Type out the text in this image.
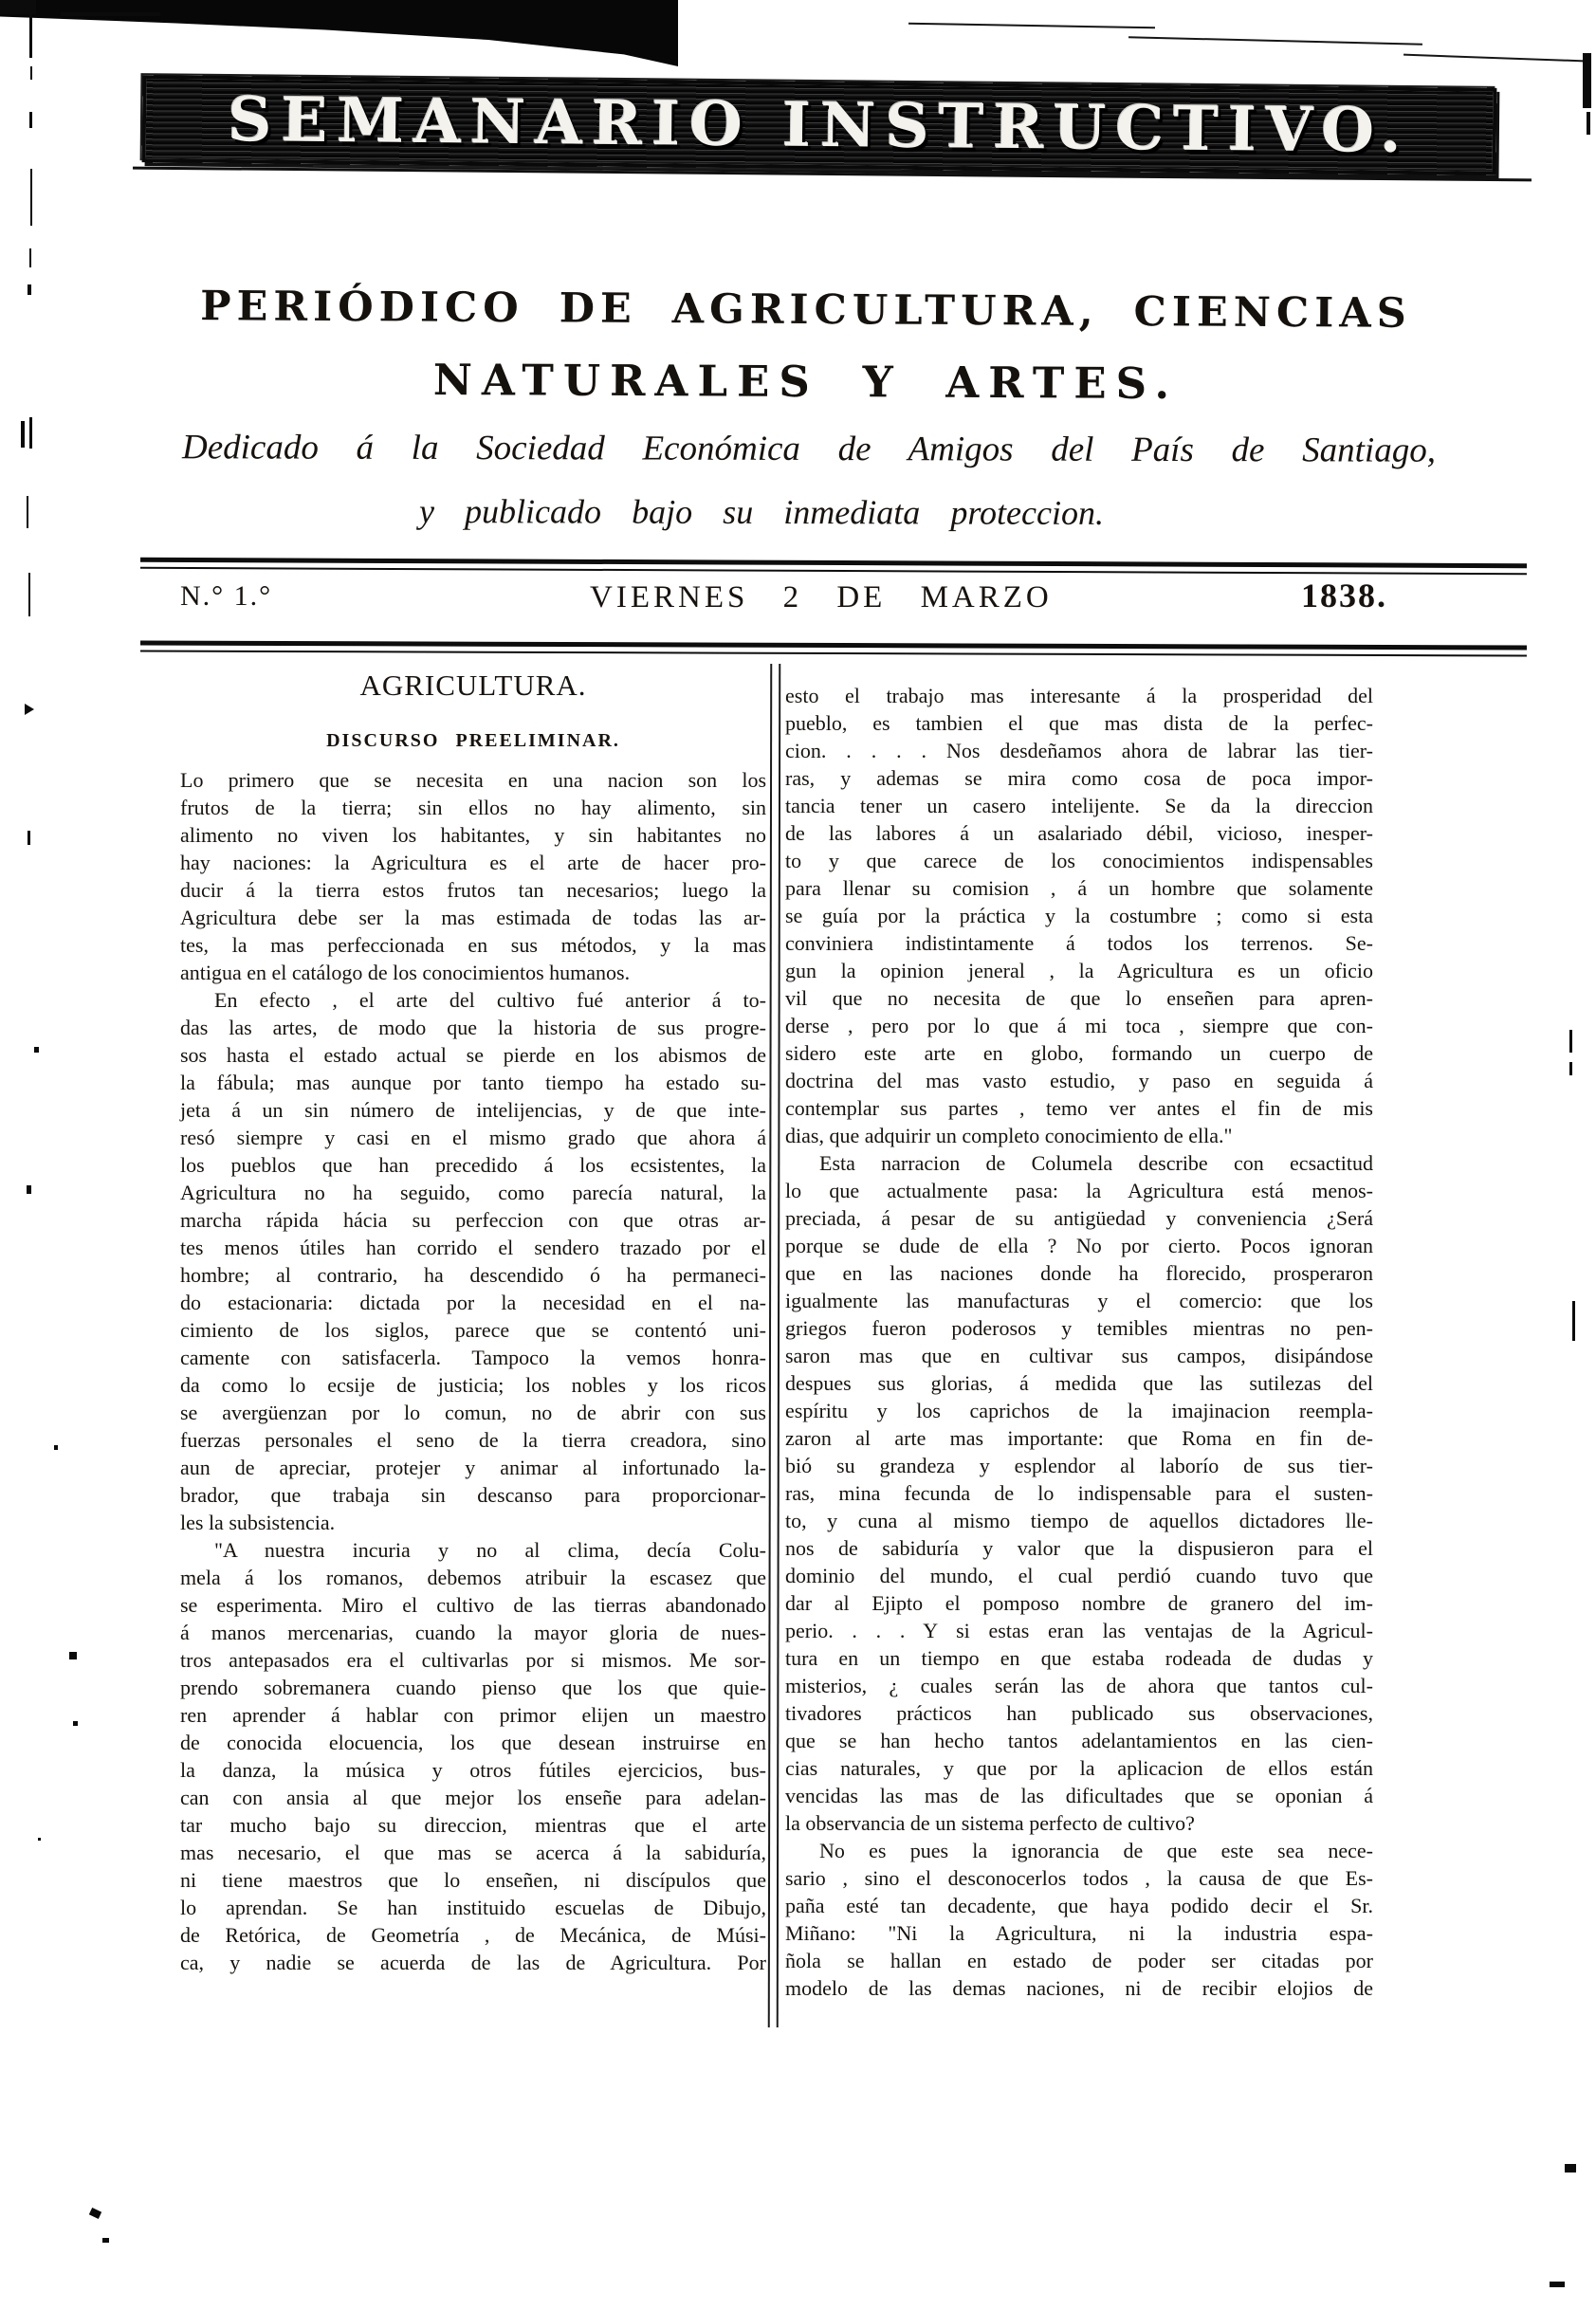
SEMANARIO INSTRUCTIVO.
PERIÓDICO DE AGRICULTURA, CIENCIAS
NATURALES Y ARTES.
Dedicado á la Sociedad Económica de Amigos del País de Santiago,
y publicado bajo su inmediata proteccion.
N.° 1.°	VIERNES 2 DE MARZO	1838.
AGRICULTURA.
DISCURSO PREELIMINAR.
Lo primero que se necesita en una nacion son los
frutos de la tierra; sin ellos no hay alimento, sin
alimento no viven los habitantes, y sin habitantes no
hay naciones: la Agricultura es el arte de hacer pro-
ducir á la tierra estos frutos tan necesarios; luego la
Agricultura debe ser la mas estimada de todas las ar-
tes, la mas perfeccionada en sus métodos, y la mas
antigua en el catálogo de los conocimientos humanos.
En efecto , el arte del cultivo fué anterior á to-
das las artes, de modo que la historia de sus progre-
sos hasta el estado actual se pierde en los abismos de
la fábula; mas aunque por tanto tiempo ha estado su-
jeta á un sin número de intelijencias, y de que inte-
resó siempre y casi en el mismo grado que ahora á
los pueblos que han precedido á los ecsistentes, la
Agricultura no ha seguido, como parecía natural, la
marcha rápida hácia su perfeccion con que otras ar-
tes menos útiles han corrido el sendero trazado por el
hombre; al contrario, ha descendido ó ha permaneci-
do estacionaria: dictada por la necesidad en el na-
cimiento de los siglos, parece que se contentó uni-
camente con satisfacerla. Tampoco la vemos honra-
da como lo ecsije de justicia; los nobles y los ricos
se avergüenzan por lo comun, no de abrir con sus
fuerzas personales el seno de la tierra creadora, sino
aun de apreciar, protejer y animar al infortunado la-
brador, que trabaja sin descanso para proporcionar-
les la subsistencia.
"A nuestra incuria y no al clima, decía Colu-
mela á los romanos, debemos atribuir la escasez que
se esperimenta. Miro el cultivo de las tierras abandonado
á manos mercenarias, cuando la mayor gloria de nues-
tros antepasados era el cultivarlas por si mismos. Me sor-
prendo sobremanera cuando pienso que los que quie-
ren aprender á hablar con primor elijen un maestro
de conocida elocuencia, los que desean instruirse en
la danza, la música y otros fútiles ejercicios, bus-
can con ansia al que mejor los enseñe para adelan-
tar mucho bajo su direccion, mientras que el arte
mas necesario, el que mas se acerca á la sabiduría,
ni tiene maestros que lo enseñen, ni discípulos que
lo aprendan. Se han instituido escuelas de Dibujo,
de Retórica, de Geometría , de Mecánica, de Músi-
ca, y nadie se acuerda de las de Agricultura. Por
esto el trabajo mas interesante á la prosperidad del
pueblo, es tambien el que mas dista de la perfec-
cion. . . . . Nos desdeñamos ahora de labrar las tier-
ras, y ademas se mira como cosa de poca impor-
tancia tener un casero intelijente. Se da la direccion
de las labores á un asalariado débil, vicioso, inesper-
to y que carece de los conocimientos indispensables
para llenar su comision , á un hombre que solamente
se guía por la práctica y la costumbre ; como si esta
conviniera indistintamente á todos los terrenos. Se-
gun la opinion jeneral , la Agricultura es un oficio
vil que no necesita de que lo enseñen para apren-
derse , pero por lo que á mi toca , siempre que con-
sidero este arte en globo, formando un cuerpo de
doctrina del mas vasto estudio, y paso en seguida á
contemplar sus partes , temo ver antes el fin de mis
dias, que adquirir un completo conocimiento de ella."
Esta narracion de Columela describe con ecsactitud
lo que actualmente pasa: la Agricultura está menos-
preciada, á pesar de su antigüedad y conveniencia ¿Será
porque se dude de ella ? No por cierto. Pocos ignoran
que en las naciones donde ha florecido, prosperaron
igualmente las manufacturas y el comercio: que los
griegos fueron poderosos y temibles mientras no pen-
saron mas que en cultivar sus campos, disipándose
despues sus glorias, á medida que las sutilezas del
espíritu y los caprichos de la imajinacion reempla-
zaron al arte mas importante: que Roma en fin de-
bió su grandeza y esplendor al laborío de sus tier-
ras, mina fecunda de lo indispensable para el susten-
to, y cuna al mismo tiempo de aquellos dictadores lle-
nos de sabiduría y valor que la dispusieron para el
dominio del mundo, el cual perdió cuando tuvo que
dar al Ejipto el pomposo nombre de granero del im-
perio. . . . Y si estas eran las ventajas de la Agricul-
tura en un tiempo en que estaba rodeada de dudas y
misterios, ¿ cuales serán las de ahora que tantos cul-
tivadores prácticos han publicado sus observaciones,
que se han hecho tantos adelantamientos en las cien-
cias naturales, y que por la aplicacion de ellos están
vencidas las mas de las dificultades que se oponian á
la observancia de un sistema perfecto de cultivo?
No es pues la ignorancia de que este sea nece-
sario , sino el desconocerlos todos , la causa de que Es-
paña esté tan decadente, que haya podido decir el Sr.
Miñano: "Ni la Agricultura, ni la industria espa-
ñola se hallan en estado de poder ser citadas por
modelo de las demas naciones, ni de recibir elojios de
